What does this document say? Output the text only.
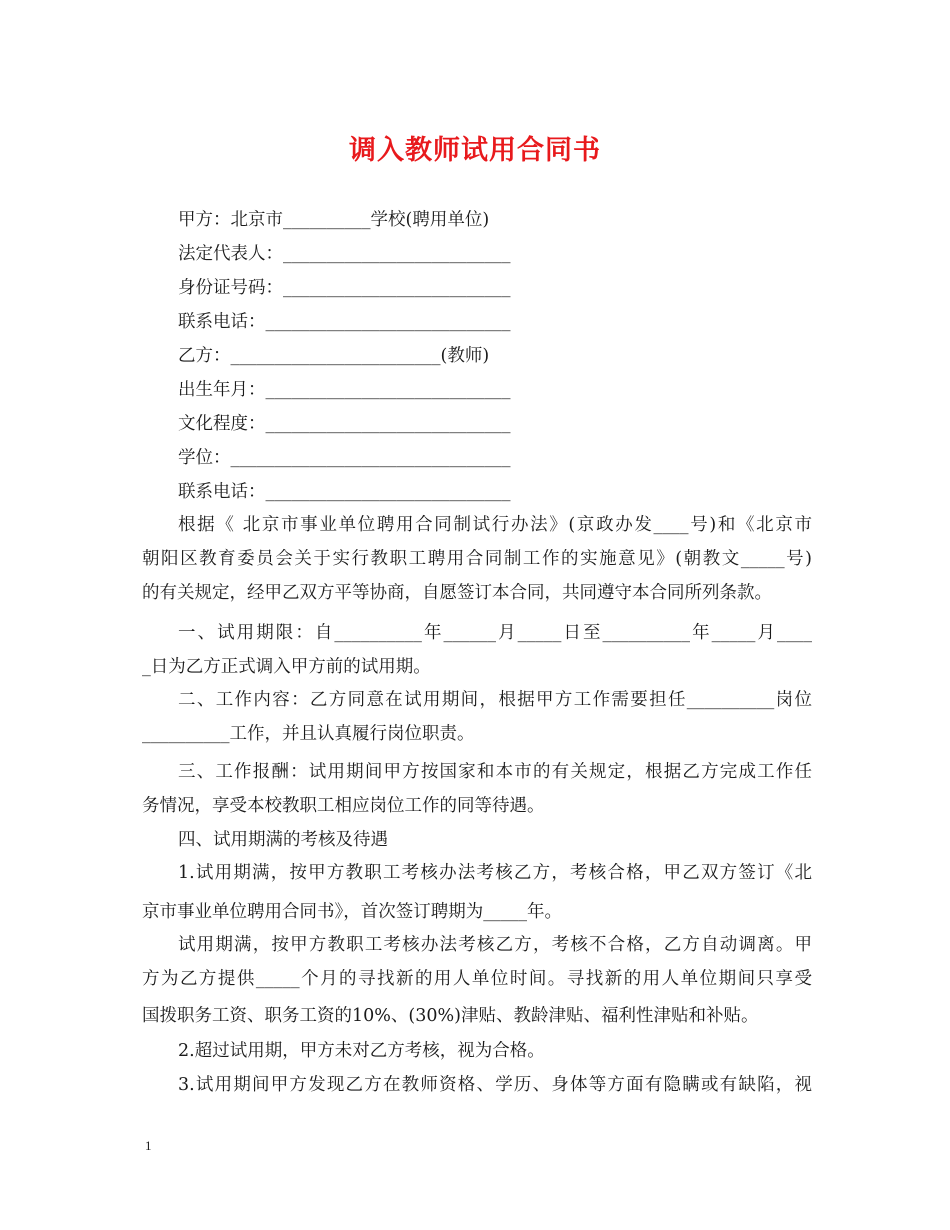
调入教师试用合同书
甲方：北京市__________学校(聘用单位)
法定代表人：__________________________
身份证号码：__________________________
联系电话：____________________________
乙方：________________________(教师)
出生年月：____________________________
文化程度：____________________________
学位：________________________________
联系电话：____________________________
根据《 北京市事业单位聘用合同制试行办法》(京政办发____号)和《北京市
朝阳区教育委员会关于实行教职工聘用合同制工作的实施意见》(朝教文_____号)
的有关规定，经甲乙双方平等协商，自愿签订本合同，共同遵守本合同所列条款。
一、试用期限：自__________年______月_____日至__________年_____月____
_日为乙方正式调入甲方前的试用期。
二、工作内容：乙方同意在试用期间，根据甲方工作需要担任__________岗位
__________工作，并且认真履行岗位职责。
三、工作报酬：试用期间甲方按国家和本市的有关规定，根据乙方完成工作任
务情况，享受本校教职工相应岗位工作的同等待遇。
四、试用期满的考核及待遇
1.试用期满，按甲方教职工考核办法考核乙方，考核合格，甲乙双方签订《北
京市事业单位聘用合同书》，首次签订聘期为_____年。
试用期满，按甲方教职工考核办法考核乙方，考核不合格，乙方自动调离。甲
方为乙方提供_____个月的寻找新的用人单位时间。寻找新的用人单位期间只享受
国拨职务工资、职务工资的10%、(30%)津贴、教龄津贴、福利性津贴和补贴。
2.超过试用期，甲方未对乙方考核，视为合格。
3.试用期间甲方发现乙方在教师资格、学历、身体等方面有隐瞒或有缺陷，视
1
